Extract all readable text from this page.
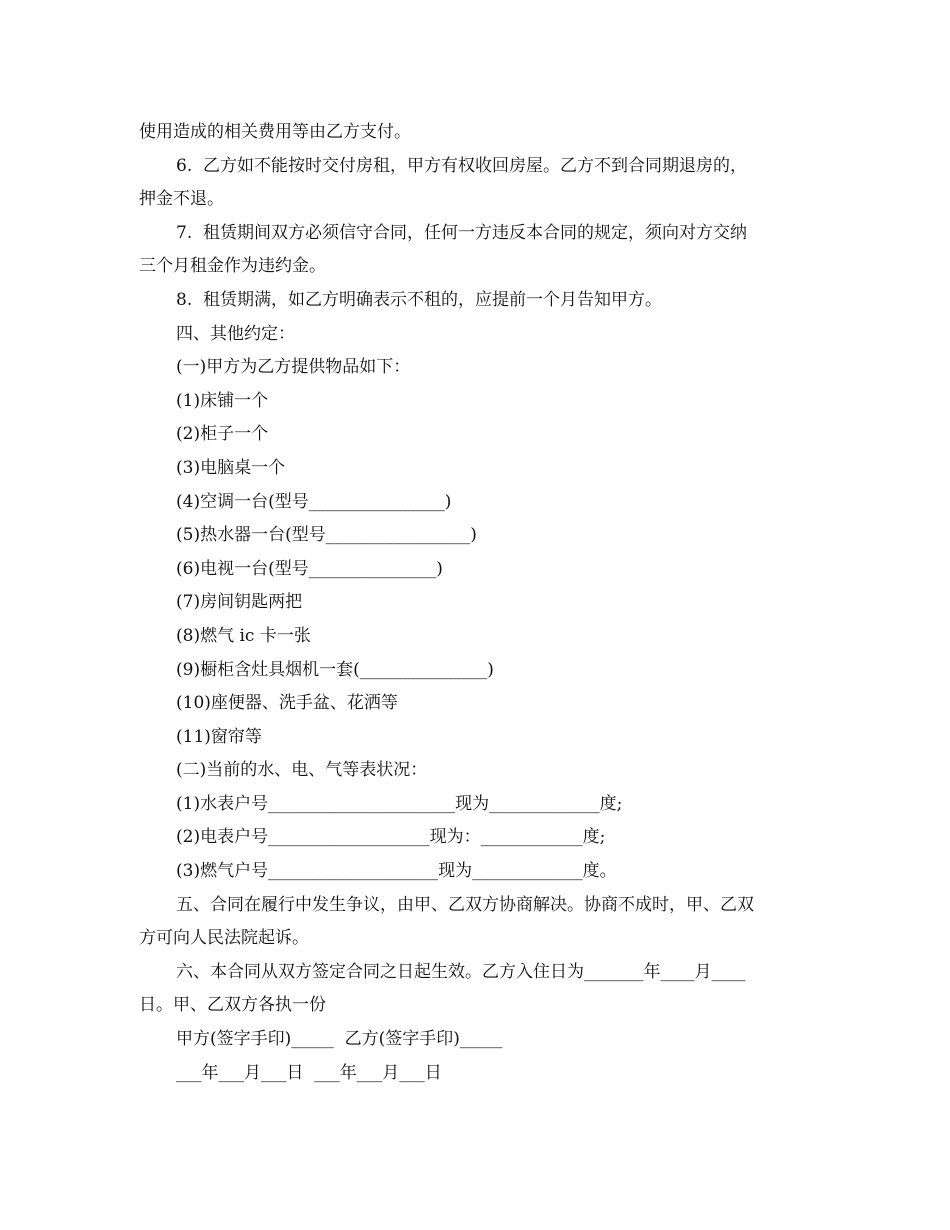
使用造成的相关费用等由乙方支付。
6.  乙方如不能按时交付房租，甲方有权收回房屋。乙方不到合同期退房的，
押金不退。
7.  租赁期间双方必须信守合同，任何一方违反本合同的规定，须向对方交纳
三个月租金作为违约金。
8.  租赁期满，如乙方明确表示不租的，应提前一个月告知甲方。
四、其他约定：
(一)甲方为乙方提供物品如下：
(1)床铺一个
(2)柜子一个
(3)电脑桌一个
(4)空调一台(型号________________)
(5)热水器一台(型号_________________)
(6)电视一台(型号_______________)
(7)房间钥匙两把
(8)燃气 ic 卡一张
(9)橱柜含灶具烟机一套(_______________)
(10)座便器、洗手盆、花洒等
(11)窗帘等
(二)当前的水、电、气等表状况：
(1)水表户号______________________现为_____________度;
(2)电表户号___________________现为：____________度;
(3)燃气户号____________________现为_____________度。
五、合同在履行中发生争议，由甲、乙双方协商解决。协商不成时，甲、乙双
方可向人民法院起诉。
六、本合同从双方签定合同之日起生效。乙方入住日为_______年____月____
日。甲、乙双方各执一份
甲方(签字手印)_____  乙方(签字手印)_____
___年___月___日  ___年___月___日
